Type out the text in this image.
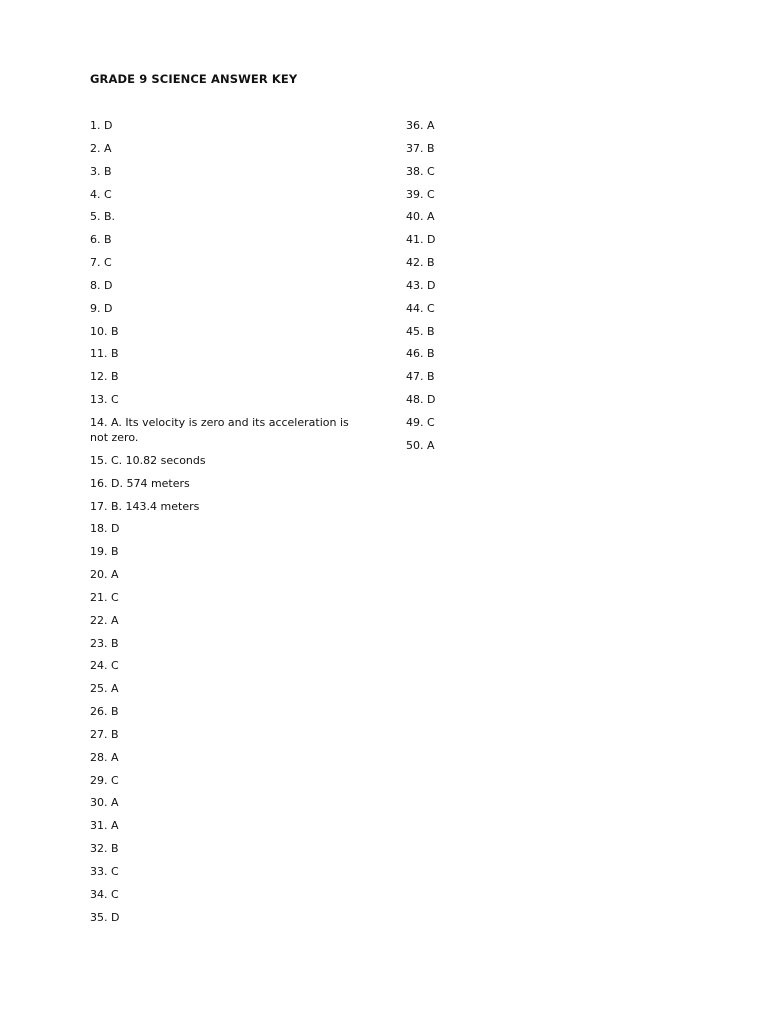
GRADE 9 SCIENCE ANSWER KEY
1. D
2. A
3. B
4. C
5. B.
6. B
7. C
8. D
9. D
10. B
11. B
12. B
13. C
14. A. Its velocity is zero and its acceleration is not zero.
15. C. 10.82 seconds
16. D. 574 meters
17. B. 143.4 meters
18. D
19. B
20. A
21. C
22. A
23. B
24. C
25. A
26. B
27. B
28. A
29. C
30. A
31. A
32. B
33. C
34. C
35. D
36. A
37. B
38. C
39. C
40. A
41. D
42. B
43. D
44. C
45. B
46. B
47. B
48. D
49. C
50. A
